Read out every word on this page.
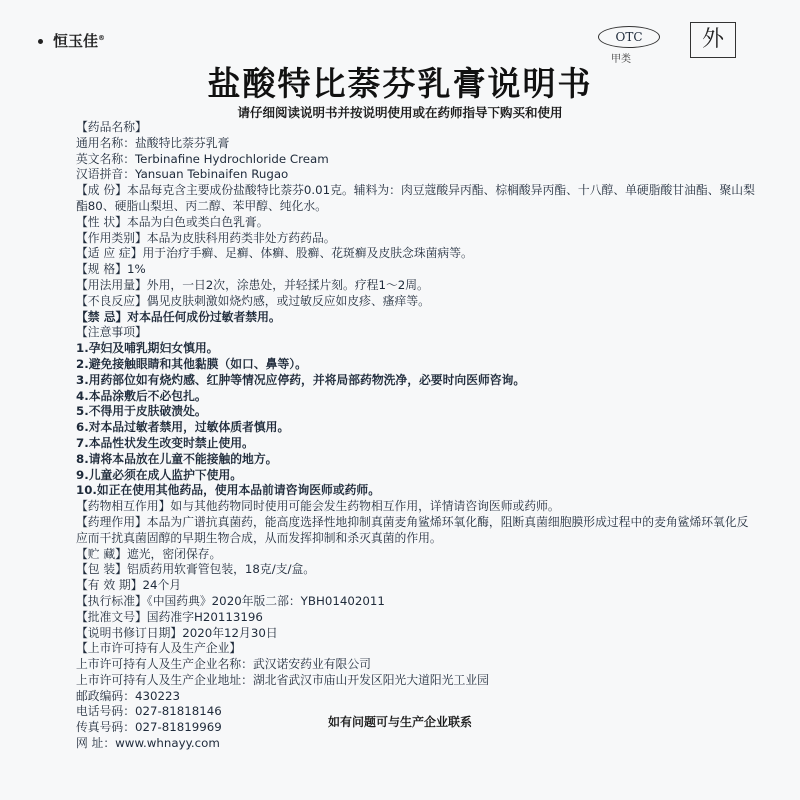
恒玉佳®	OTC
甲类
外
盐酸特比萘芬乳膏说明书
请仔细阅读说明书并按说明使用或在药师指导下购买和使用
【药品名称】
通用名称：盐酸特比萘芬乳膏
英文名称：Terbinafine Hydrochloride Cream
汉语拼音：Yansuan Tebinaifen Rugao
【成 份】本品每克含主要成份盐酸特比萘芬0.01克。辅料为：肉豆蔻酸异丙酯、棕榈酸异丙酯、十八醇、单硬脂酸甘油酯、聚山梨酯80、硬脂山梨坦、丙二醇、苯甲醇、纯化水。
【性 状】本品为白色或类白色乳膏。
【作用类别】本品为皮肤科用药类非处方药药品。
【适 应 症】用于治疗手癣、足癣、体癣、股癣、花斑癣及皮肤念珠菌病等。
【规 格】1%
【用法用量】外用，一日2次，涂患处，并轻揉片刻。疗程1～2周。
【不良反应】偶见皮肤刺激如烧灼感，或过敏反应如皮疹、瘙痒等。
【禁 忌】对本品任何成份过敏者禁用。
【注意事项】
1.孕妇及哺乳期妇女慎用。
2.避免接触眼睛和其他黏膜（如口、鼻等）。
3.用药部位如有烧灼感、红肿等情况应停药，并将局部药物洗净，必要时向医师咨询。
4.本品涂敷后不必包扎。
5.不得用于皮肤破溃处。
6.对本品过敏者禁用，过敏体质者慎用。
7.本品性状发生改变时禁止使用。
8.请将本品放在儿童不能接触的地方。
9.儿童必须在成人监护下使用。
10.如正在使用其他药品，使用本品前请咨询医师或药师。
【药物相互作用】如与其他药物同时使用可能会发生药物相互作用，详情请咨询医师或药师。
【药理作用】本品为广谱抗真菌药，能高度选择性地抑制真菌麦角鲨烯环氧化酶，阻断真菌细胞膜形成过程中的麦角鲨烯环氧化反应而干扰真菌固醇的早期生物合成，从而发挥抑制和杀灭真菌的作用。
【贮 藏】遮光，密闭保存。
【包 装】铝质药用软膏管包装，18克/支/盒。
【有 效 期】24个月
【执行标准】《中国药典》2020年版二部：YBH01402011
【批准文号】国药准字H20113196
【说明书修订日期】2020年12月30日
【上市许可持有人及生产企业】
上市许可持有人及生产企业名称：武汉诺安药业有限公司
上市许可持有人及生产企业地址：湖北省武汉市庙山开发区阳光大道阳光工业园
邮政编码：430223
电话号码：027-81818146
传真号码：027-81819969
网 址：www.whnayy.com
如有问题可与生产企业联系
